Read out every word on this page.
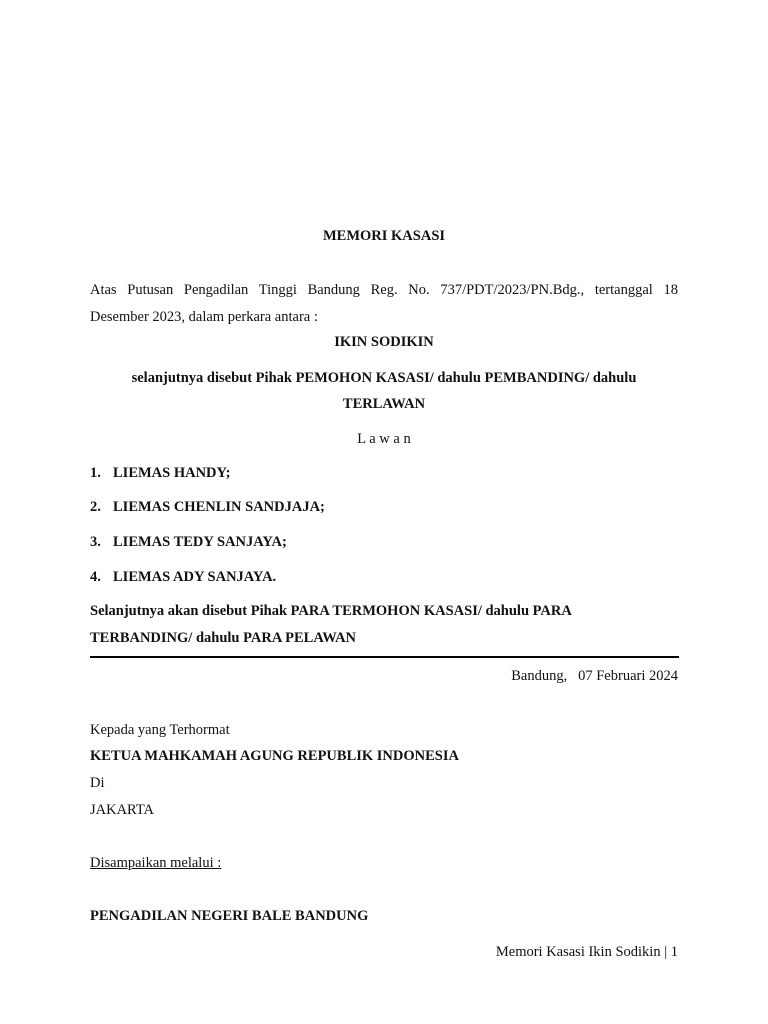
MEMORI KASASI
Atas Putusan Pengadilan Tinggi Bandung Reg. No. 737/PDT/2023/PN.Bdg., tertanggal 18
Desember 2023, dalam perkara antara :
IKIN SODIKIN
selanjutnya disebut Pihak PEMOHON KASASI/ dahulu PEMBANDING/ dahulu
TERLAWAN
L a w a n
1. LIEMAS HANDY;
2. LIEMAS CHENLIN SANDJAJA;
3. LIEMAS TEDY SANJAYA;
4. LIEMAS ADY SANJAYA.
Selanjutnya akan disebut Pihak PARA TERMOHON KASASI/ dahulu PARA
TERBANDING/ dahulu PARA PELAWAN
Bandung,   07 Februari 2024
Kepada yang Terhormat
KETUA MAHKAMAH AGUNG REPUBLIK INDONESIA
Di
JAKARTA
Disampaikan melalui :
PENGADILAN NEGERI BALE BANDUNG
Memori Kasasi Ikin Sodikin | 1
